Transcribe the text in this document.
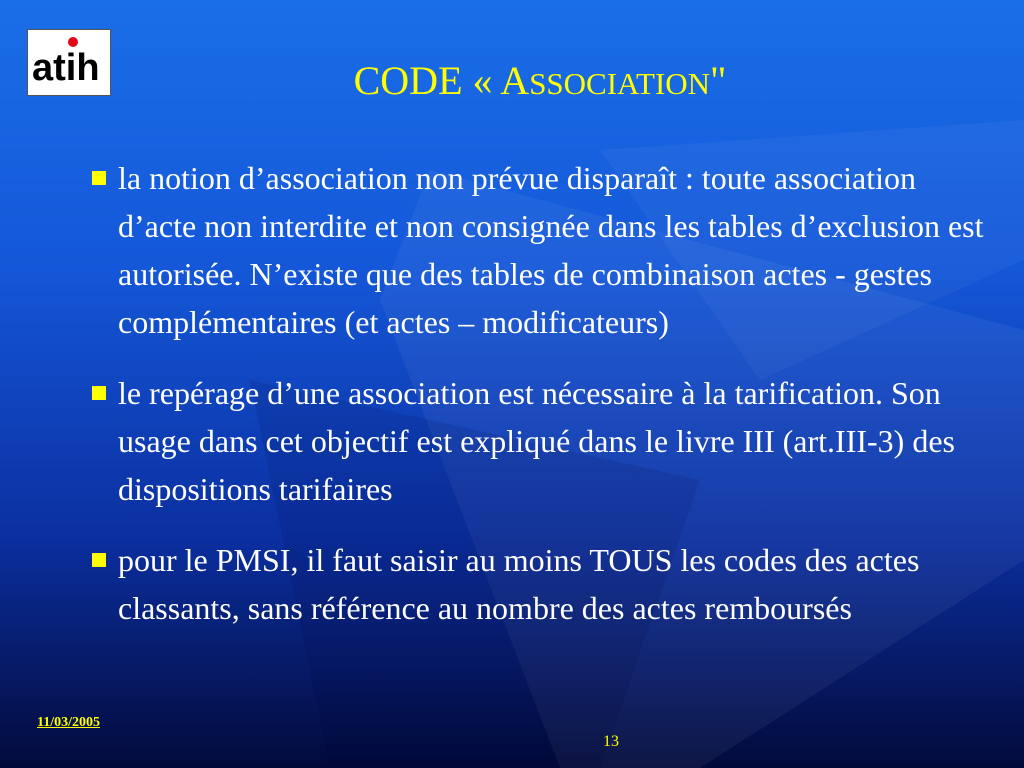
atih	CODE « ASSOCIATION"
la notion d’association non prévue disparaît : toute association d’acte non interdite et non consignée dans les tables d’exclusion est autorisée. N’existe que des tables de combinaison actes - gestes complémentaires (et actes – modificateurs)
le repérage d’une association est nécessaire à la tarification. Son usage dans cet objectif est expliqué dans le livre III (art.III-3) des dispositions tarifaires
pour le PMSI, il faut saisir au moins TOUS les codes des actes classants, sans référence au nombre des actes remboursés
11/03/2005
13
